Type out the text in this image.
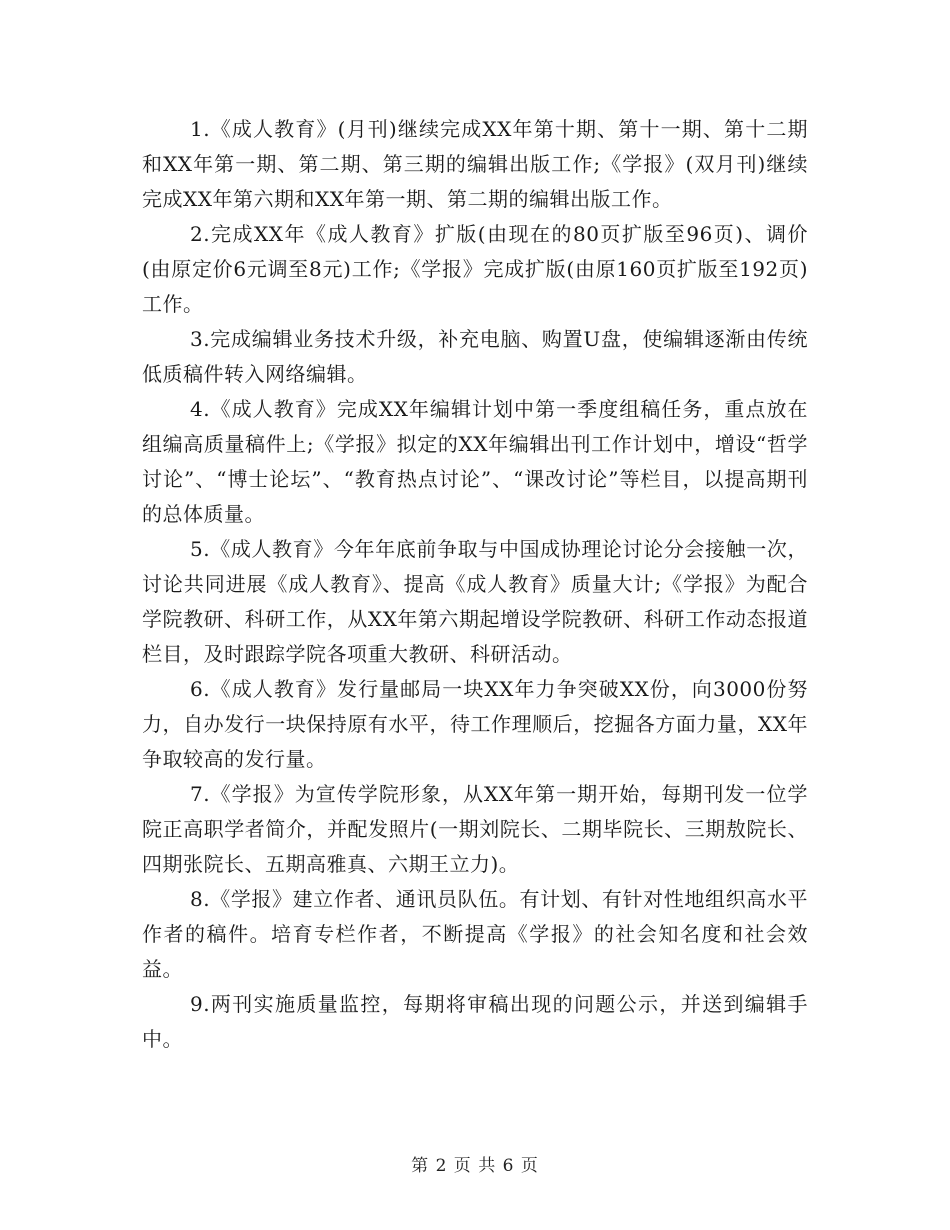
1.《成人教育》(月刊)继续完成XX年第十期、第十一期、第十二期和XX年第一期、第二期、第三期的编辑出版工作;《学报》(双月刊)继续完成XX年第六期和XX年第一期、第二期的编辑出版工作。

2.完成XX年《成人教育》扩版(由现在的80页扩版至96页)、调价(由原定价6元调至8元)工作;《学报》完成扩版(由原160页扩版至192页)工作。

3.完成编辑业务技术升级，补充电脑、购置U盘，使编辑逐渐由传统低质稿件转入网络编辑。

4.《成人教育》完成XX年编辑计划中第一季度组稿任务，重点放在组编高质量稿件上;《学报》拟定的XX年编辑出刊工作计划中，增设“哲学讨论”、“博士论坛”、“教育热点讨论”、“课改讨论”等栏目，以提高期刊的总体质量。

5.《成人教育》今年年底前争取与中国成协理论讨论分会接触一次，讨论共同进展《成人教育》、提高《成人教育》质量大计;《学报》为配合学院教研、科研工作，从XX年第六期起增设学院教研、科研工作动态报道栏目，及时跟踪学院各项重大教研、科研活动。

6.《成人教育》发行量邮局一块XX年力争突破XX份，向3000份努力，自办发行一块保持原有水平，待工作理顺后，挖掘各方面力量，XX年争取较高的发行量。

7.《学报》为宣传学院形象，从XX年第一期开始，每期刊发一位学院正高职学者简介，并配发照片(一期刘院长、二期毕院长、三期敖院长、四期张院长、五期高雅真、六期王立力)。

8.《学报》建立作者、通讯员队伍。有计划、有针对性地组织高水平作者的稿件。培育专栏作者，不断提高《学报》的社会知名度和社会效益。

9.两刊实施质量监控，每期将审稿出现的问题公示，并送到编辑手中。

第 2 页 共 6 页
